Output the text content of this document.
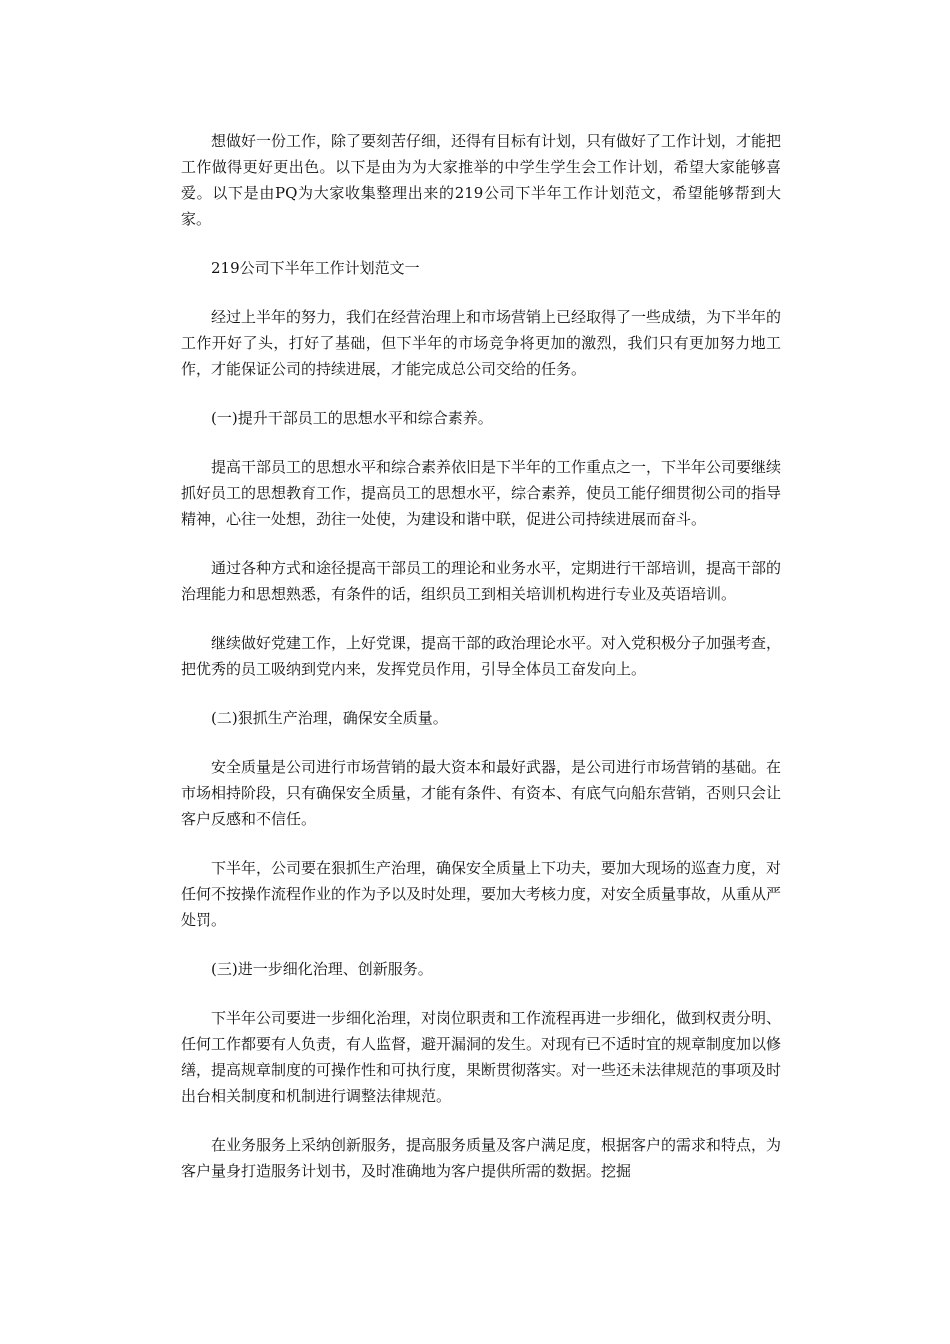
想做好一份工作，除了要刻苦仔细，还得有目标有计划，只有做好了工作计划，才能把工作做得更好更出色。以下是由为为大家推举的中学生学生会工作计划，希望大家能够喜爱。以下是由PQ为大家收集整理出来的219公司下半年工作计划范文，希望能够帮到大家。

219公司下半年工作计划范文一

经过上半年的努力，我们在经营治理上和市场营销上已经取得了一些成绩，为下半年的工作开好了头，打好了基础，但下半年的市场竞争将更加的激烈，我们只有更加努力地工作，才能保证公司的持续进展，才能完成总公司交给的任务。

(一)提升干部员工的思想水平和综合素养。

提高干部员工的思想水平和综合素养依旧是下半年的工作重点之一，下半年公司要继续抓好员工的思想教育工作，提高员工的思想水平，综合素养，使员工能仔细贯彻公司的指导精神，心往一处想，劲往一处使，为建设和谐中联，促进公司持续进展而奋斗。

通过各种方式和途径提高干部员工的理论和业务水平，定期进行干部培训，提高干部的治理能力和思想熟悉，有条件的话，组织员工到相关培训机构进行专业及英语培训。

继续做好党建工作，上好党课，提高干部的政治理论水平。对入党积极分子加强考查，把优秀的员工吸纳到党内来，发挥党员作用，引导全体员工奋发向上。

(二)狠抓生产治理，确保安全质量。

安全质量是公司进行市场营销的最大资本和最好武器，是公司进行市场营销的基础。在市场相持阶段，只有确保安全质量，才能有条件、有资本、有底气向船东营销，否则只会让客户反感和不信任。

下半年，公司要在狠抓生产治理，确保安全质量上下功夫，要加大现场的巡查力度，对任何不按操作流程作业的作为予以及时处理，要加大考核力度，对安全质量事故，从重从严处罚。

(三)进一步细化治理、创新服务。

下半年公司要进一步细化治理，对岗位职责和工作流程再进一步细化，做到权责分明、任何工作都要有人负责，有人监督，避开漏洞的发生。对现有已不适时宜的规章制度加以修缮，提高规章制度的可操作性和可执行度，果断贯彻落实。对一些还未法律规范的事项及时出台相关制度和机制进行调整法律规范。

在业务服务上采纳创新服务，提高服务质量及客户满足度，根据客户的需求和特点，为客户量身打造服务计划书，及时准确地为客户提供所需的数据。挖掘
